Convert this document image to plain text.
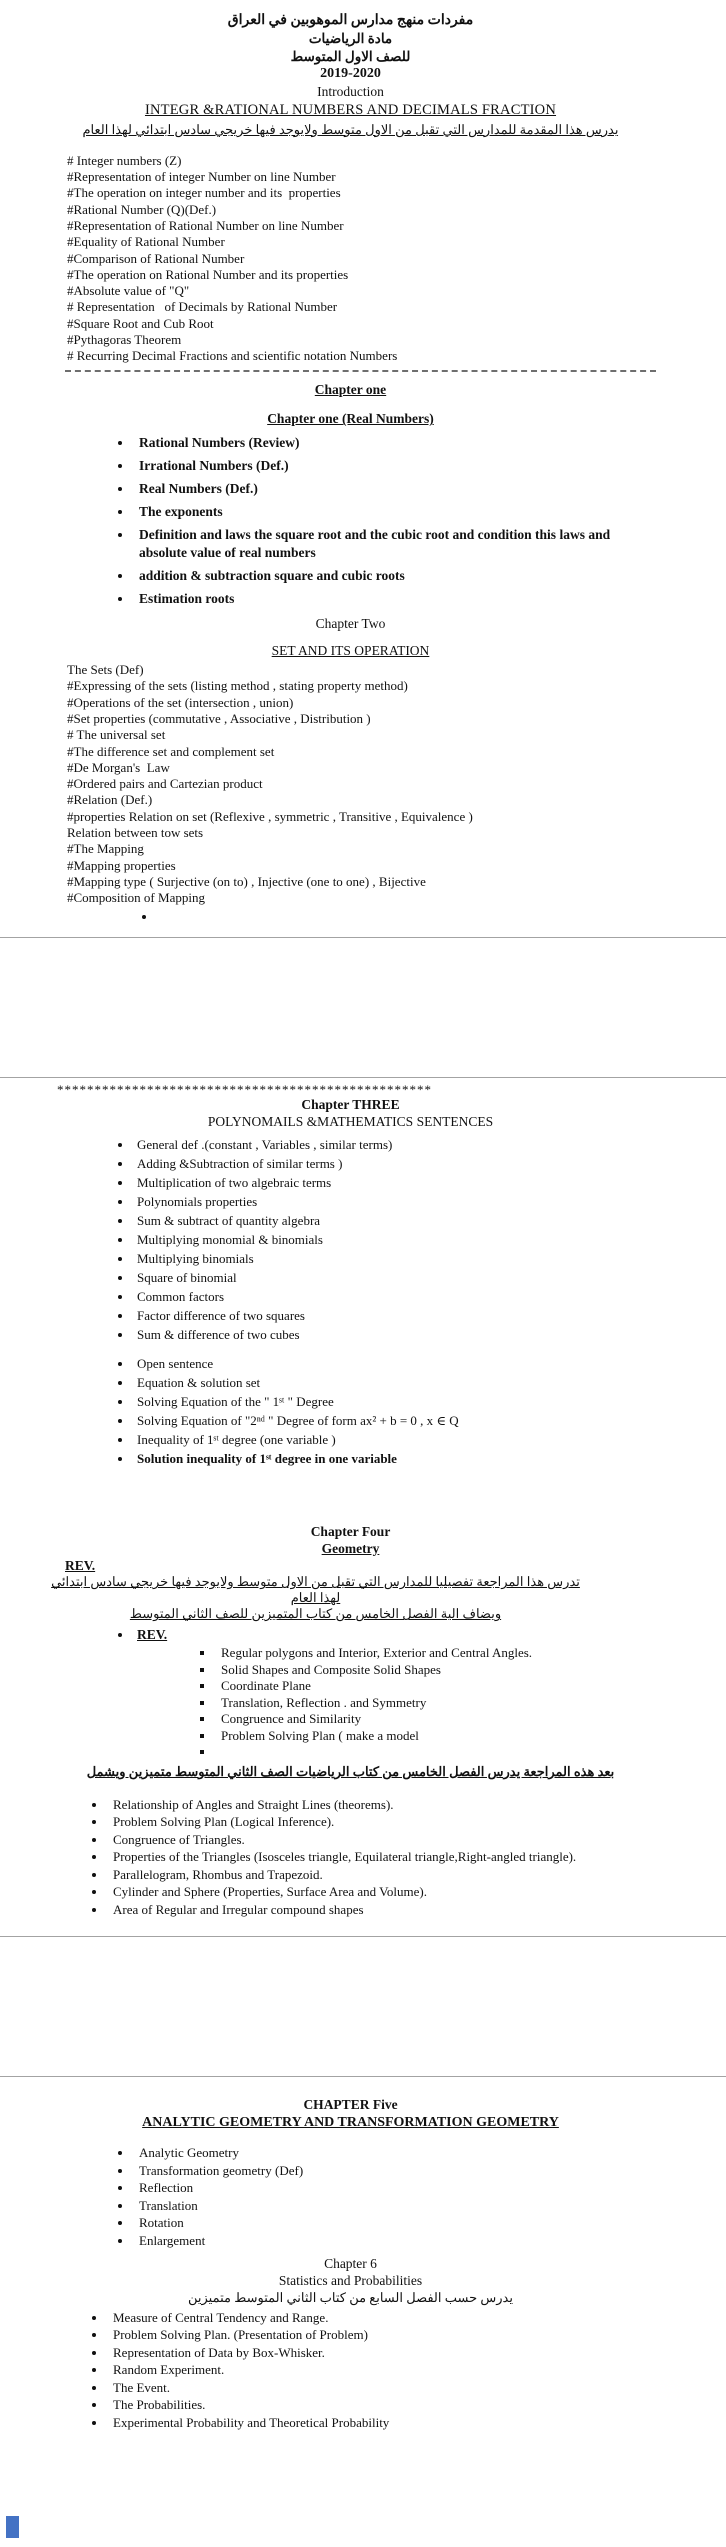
مفردات منهج مدارس الموهوبين في العراق
مادة الرياضيات
للصف الاول المتوسط
2019-2020
Introduction
INTEGR &RATIONAL NUMBERS AND DECIMALS FRACTION
يدرس هذا المقدمة للمدارس التي تقبل من الاول متوسط ولايوجد فيها خريجي سادس ابتدائي لهذا العام
# Integer numbers (Z)
#Representation of integer Number on line Number
#The operation on integer number and its  properties
#Rational Number (Q)(Def.)
#Representation of Rational Number on line Number
#Equality of Rational Number
#Comparison of Rational Number
#The operation on Rational Number and its properties
#Absolute value of "Q"
# Representation   of Decimals by Rational Number
#Square Root and Cub Root
#Pythagoras Theorem
# Recurring Decimal Fractions and scientific notation Numbers
Chapter one
Chapter one (Real Numbers)
• Rational Numbers (Review)
• Irrational Numbers (Def.)
• Real Numbers (Def.)
• The exponents
• Definition and laws the square root and the cubic root and condition this laws and absolute value of real numbers
• addition & subtraction square and cubic roots
• Estimation roots
Chapter Two
SET AND ITS OPERATION
The Sets (Def)
#Expressing of the sets (listing method , stating property method)
#Operations of the set (intersection , union)
#Set properties (commutative , Associative , Distribution )
# The universal set
#The difference set and complement set
#De Morgan's  Law
#Ordered pairs and Cartezian product
#Relation (Def.)
#properties Relation on set (Reflexive , symmetric , Transitive , Equivalence )
Relation between tow sets
#The Mapping
#Mapping properties
#Mapping type ( Surjective (on to) , Injective (one to one) , Bijective
#Composition of Mapping
•
**************************************************
Chapter THREE
POLYNOMAILS &MATHEMATICS SENTENCES
• General def .(constant , Variables , similar terms)
• Adding &Subtraction of similar terms )
• Multiplication of two algebraic terms
• Polynomials properties
• Sum & subtract of quantity algebra
• Multiplying monomial & binomials
• Multiplying binomials
• Square of binomial
• Common factors
• Factor difference of two squares
• Sum & difference of two cubes
• Open sentence
• Equation & solution set
• Solving Equation of the " 1ˢᵗ " Degree
• Solving Equation of "2ⁿᵈ " Degree of form ax² + b = 0 , x ∈ Q
• Inequality of 1ˢᵗ degree (one variable )
• Solution inequality of 1ˢᵗ degree in one variable
Chapter Four
Geometry
REV.
تدرس هذا المراجعة تفصيليا للمدارس التي تقبل من الاول متوسط ولايوجد فيها خريجي سادس ابتدائي لهذا العام
ويضاف الية الفصل الخامس من كتاب المتميزين للصف الثاني المتوسط
• REV.
▪ Regular polygons and Interior, Exterior and Central Angles.
▪ Solid Shapes and Composite Solid Shapes
▪ Coordinate Plane
▪ Translation, Reflection . and Symmetry
▪ Congruence and Similarity
▪ Problem Solving Plan ( make a model
▪
بعد هذه المراجعة يدرس الفصل الخامس من كتاب الرياضيات الصف الثاني المتوسط متميزين ويشمل
• Relationship of Angles and Straight Lines (theorems).
• Problem Solving Plan (Logical Inference).
• Congruence of Triangles.
• Properties of the Triangles (Isosceles triangle, Equilateral triangle,Right-angled triangle).
• Parallelogram, Rhombus and Trapezoid.
• Cylinder and Sphere (Properties, Surface Area and Volume).
• Area of Regular and Irregular compound shapes
CHAPTER Five
ANALYTIC GEOMETRY AND TRANSFORMATION GEOMETRY
• Analytic Geometry
• Transformation geometry (Def)
• Reflection
• Translation
• Rotation
• Enlargement
Chapter 6
Statistics and Probabilities
يدرس حسب الفصل السابع من كتاب الثاني المتوسط متميزين
• Measure of Central Tendency and Range.
• Problem Solving Plan. (Presentation of Problem)
• Representation of Data by Box-Whisker.
• Random Experiment.
• The Event.
• The Probabilities.
• Experimental Probability and Theoretical Probability
